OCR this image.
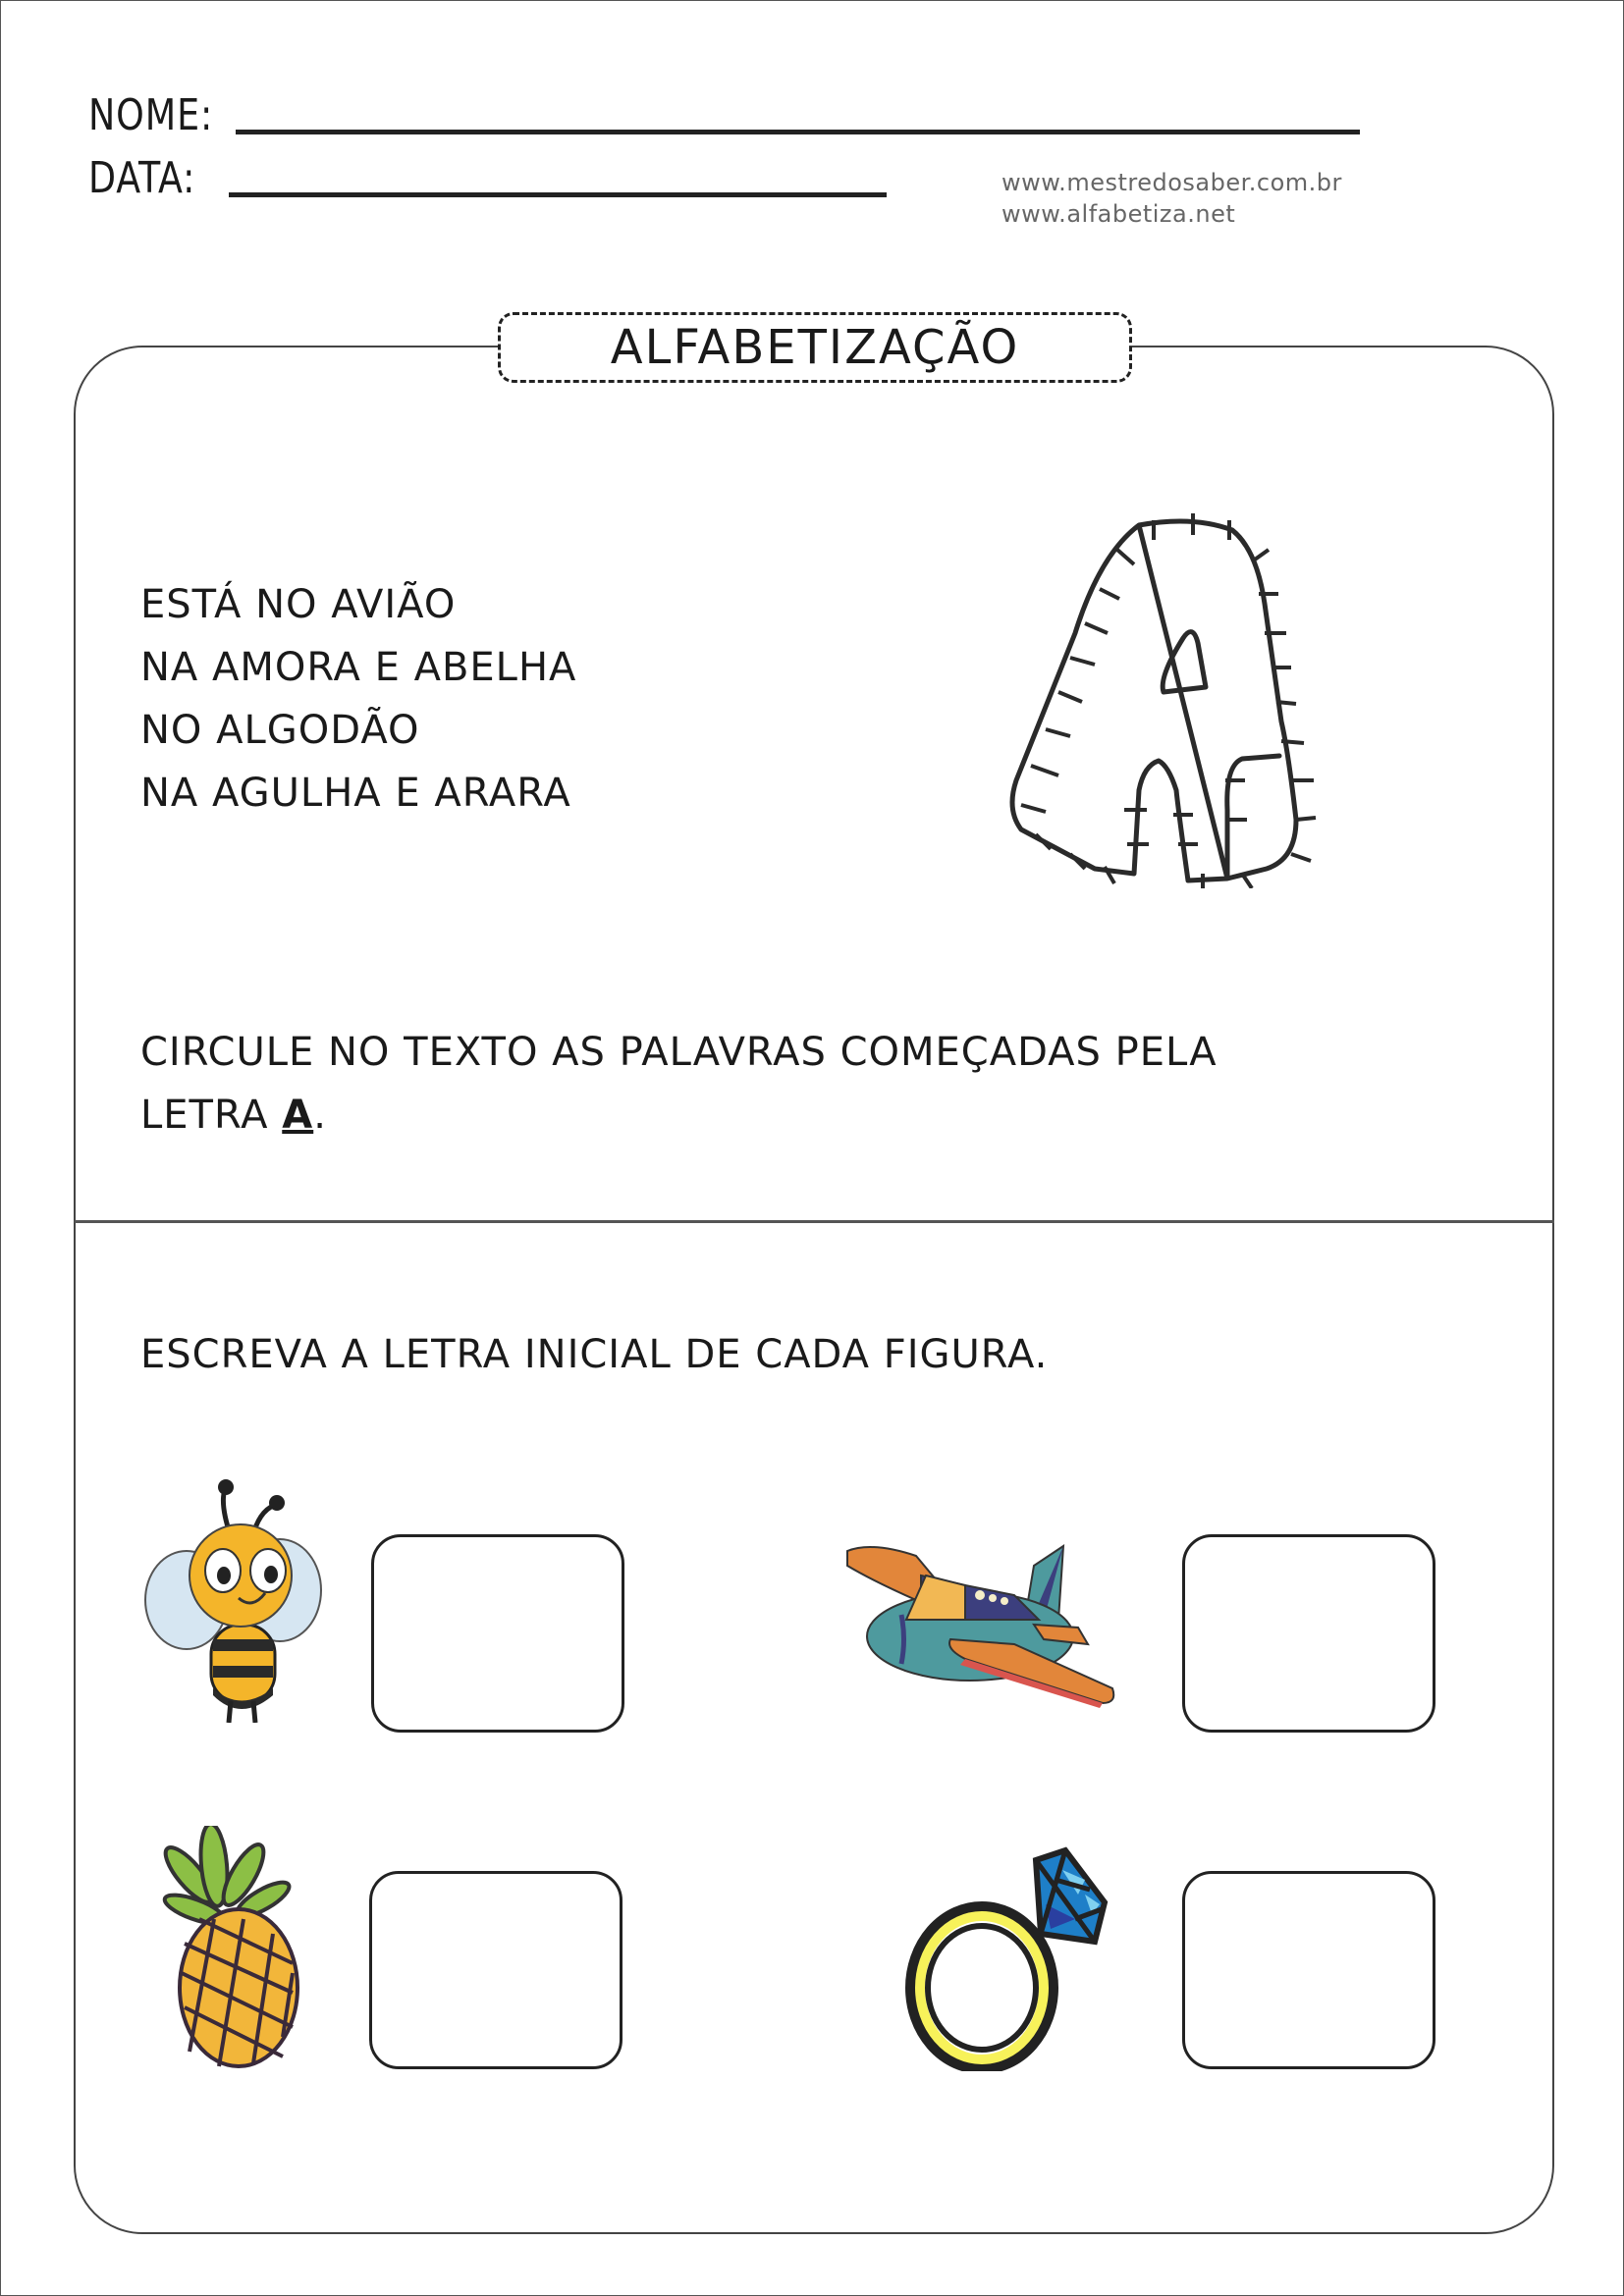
NOME:
DATA:	www.mestredosaber.com.br
www.alfabetiza.net
ALFABETIZAÇÃO
ESTÁ NO AVIÃO
NA AMORA E ABELHA
NO ALGODÃO
NA AGULHA E ARARA
CIRCULE NO TEXTO AS PALAVRAS COMEÇADAS PELA
LETRA A.
ESCREVA A LETRA INICIAL DE CADA FIGURA.
